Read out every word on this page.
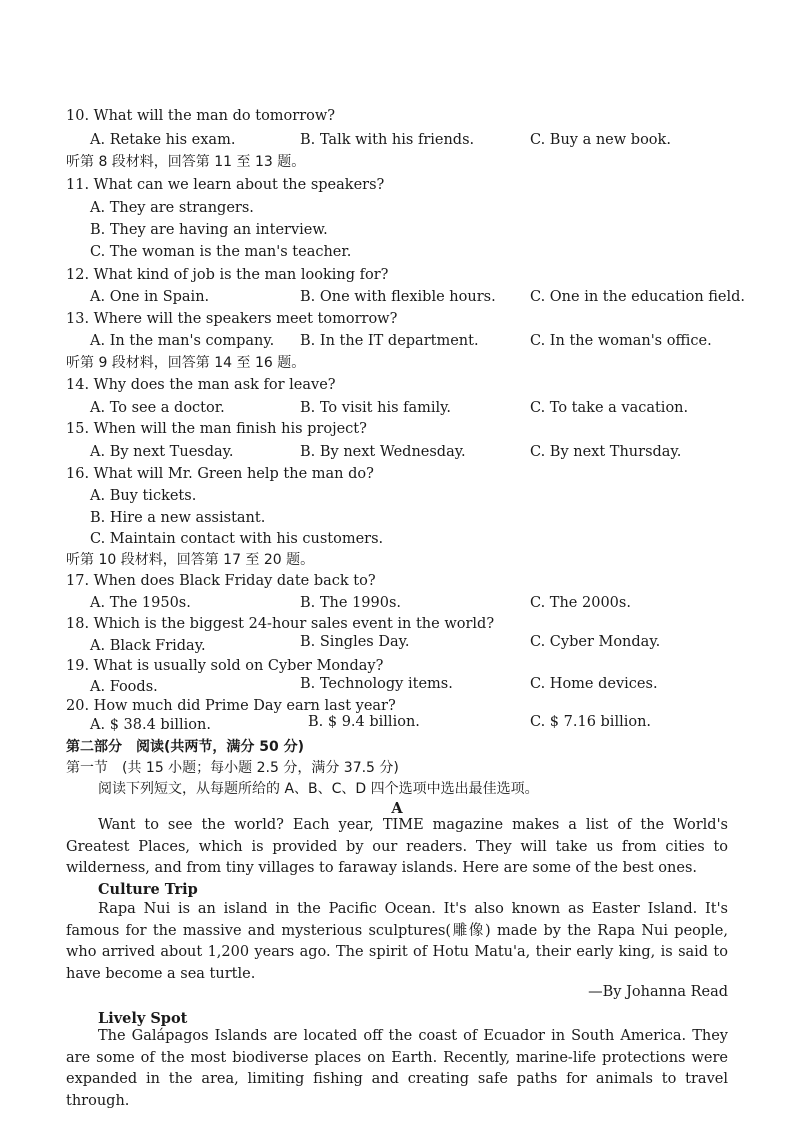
10. What will the man do tomorrow?
A. Retake his exam.	B. Talk with his friends.	C. Buy a new book.
听第 8 段材料，回答第 11 至 13 题。
11. What can we learn about the speakers?
A. They are strangers.
B. They are having an interview.
C. The woman is the man's teacher.
12. What kind of job is the man looking for?
A. One in Spain.	B. One with flexible hours. C. One in the education field.
13. Where will the speakers meet tomorrow?
A. In the man's company. B. In the IT department.	C. In the woman's office.
听第 9 段材料，回答第 14 至 16 题。
14. Why does the man ask for leave?
A. To see a doctor.	B. To visit his family.	C. To take a vacation.
15. When will the man finish his project?
A. By next Tuesday.	B. By next Wednesday.	C. By next Thursday.
16. What will Mr. Green help the man do?
A. Buy tickets.
B. Hire a new assistant.
C. Maintain contact with his customers.
听第 10 段材料，回答第 17 至 20 题。
17. When does Black Friday date back to?
A. The 1950s.	B. The 1990s.	C. The 2000s.
18. Which is the biggest 24-hour sales event in the world?
A. Black Friday.	B. Singles Day.	C. Cyber Monday.
19. What is usually sold on Cyber Monday?
A. Foods.	B. Technology items.	C. Home devices.
20. How much did Prime Day earn last year?
A. $ 38.4 billion.	B. $ 9.4 billion.	C. $ 7.16 billion.
第二部分　阅读(共两节，满分 50 分)
第一节　(共 15 小题；每小题 2.5 分，满分 37.5 分)
阅读下列短文，从每题所给的 A、B、C、D 四个选项中选出最佳选项。
A
Want to see the world? Each year, TIME magazine makes a list of the World's Greatest Places, which is provided by our readers. They will take us from cities to wilderness, and from tiny villages to faraway islands. Here are some of the best ones.
Culture Trip
Rapa Nui is an island in the Pacific Ocean. It's also known as Easter Island. It's famous for the massive and mysterious sculptures(雕像) made by the Rapa Nui people, who arrived about 1,200 years ago. The spirit of Hotu Matu'a, their early king, is said to have become a sea turtle.
—By Johanna Read
Lively Spot
The Galápagos Islands are located off the coast of Ecuador in South America. They are some of the most biodiverse places on Earth. Recently, marine-life protections were expanded in the area, limiting fishing and creating safe paths for animals to travel through.
